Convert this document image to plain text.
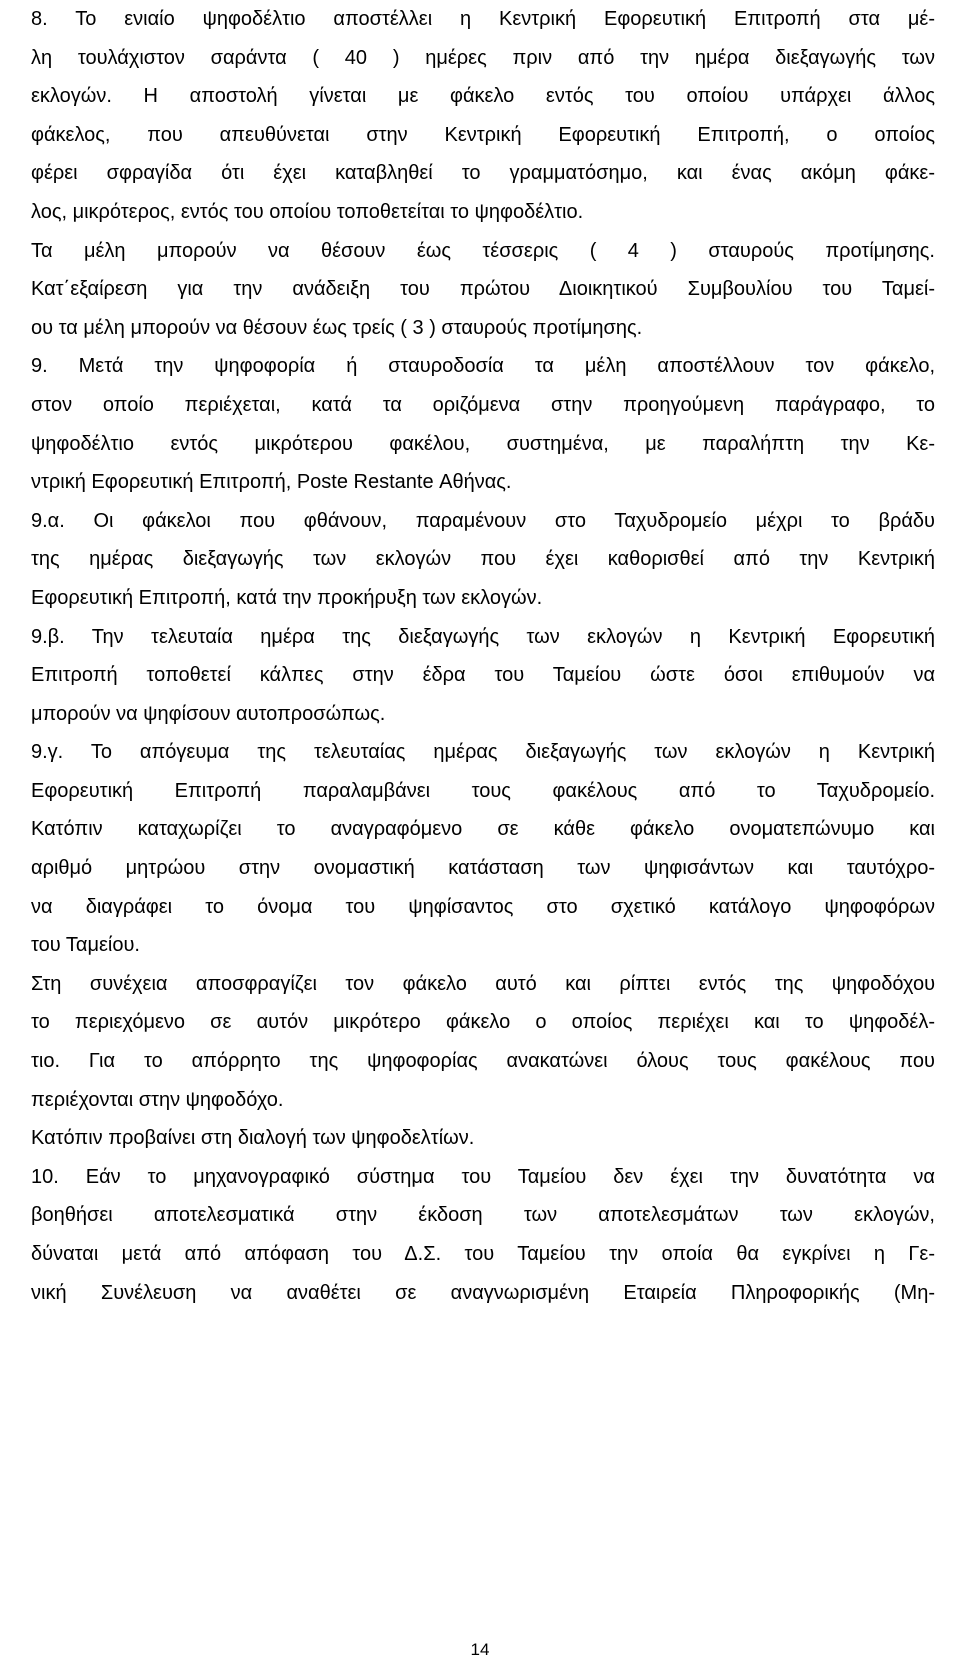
8. Το ενιαίο ψηφοδέλτιο αποστέλλει η Κεντρική Εφορευτική Επιτροπή στα μέ-
λη τουλάχιστον σαράντα ( 40 ) ημέρες πριν από την ημέρα διεξαγωγής των
εκλογών. Η αποστολή γίνεται με φάκελο εντός του οποίου υπάρχει άλλος
φάκελος, που απευθύνεται στην Κεντρική Εφορευτική Επιτροπή, ο οποίος
φέρει σφραγίδα ότι έχει καταβληθεί το γραμματόσημο, και ένας ακόμη φάκε-
λος, μικρότερος, εντός του οποίου τοποθετείται το ψηφοδέλτιο.
Τα μέλη μπορούν να θέσουν έως τέσσερις ( 4 ) σταυρούς προτίμησης.
Κατ΄εξαίρεση για την ανάδειξη του πρώτου Διοικητικού Συμβουλίου του Ταμεί-
ου τα μέλη μπορούν να θέσουν έως τρείς ( 3 ) σταυρούς προτίμησης.
9. Μετά την ψηφοφορία ή σταυροδοσία τα μέλη αποστέλλουν τον φάκελο,
στον οποίο περιέχεται, κατά τα οριζόμενα στην προηγούμενη παράγραφο, το
ψηφοδέλτιο εντός μικρότερου φακέλου, συστημένα, με παραλήπτη την Κε-
ντρική Εφορευτική Επιτροπή, Poste Restante Αθήνας.
9.α. Οι φάκελοι που φθάνουν, παραμένουν στο Ταχυδρομείο μέχρι το βράδυ
της ημέρας διεξαγωγής των εκλογών που έχει καθορισθεί από την Κεντρική
Εφορευτική Επιτροπή, κατά την προκήρυξη των εκλογών.
9.β. Την τελευταία ημέρα της διεξαγωγής των εκλογών η Κεντρική Εφορευτική
Επιτροπή τοποθετεί κάλπες στην έδρα του Ταμείου ώστε όσοι επιθυμούν να
μπορούν να ψηφίσουν αυτοπροσώπως.
9.γ. Το απόγευμα της τελευταίας ημέρας διεξαγωγής των εκλογών η Κεντρική
Εφορευτική Επιτροπή παραλαμβάνει τους φακέλους από το Ταχυδρομείο.
Κατόπιν καταχωρίζει το αναγραφόμενο σε κάθε φάκελο ονοματεπώνυμο και
αριθμό μητρώου στην ονομαστική κατάσταση των ψηφισάντων και ταυτόχρο-
να διαγράφει το όνομα του ψηφίσαντος στο σχετικό κατάλογο ψηφοφόρων
του Ταμείου.
Στη συνέχεια αποσφραγίζει τον φάκελο αυτό και ρίπτει εντός της ψηφοδόχου
το περιεχόμενο σε αυτόν μικρότερο φάκελο ο οποίος περιέχει και το ψηφοδέλ-
τιο. Για το απόρρητο της ψηφοφορίας ανακατώνει όλους τους φακέλους που
περιέχονται στην ψηφοδόχο.
Κατόπιν προβαίνει στη διαλογή των ψηφοδελτίων.
10. Εάν το μηχανογραφικό σύστημα του Ταμείου δεν έχει την δυνατότητα να
βοηθήσει αποτελεσματικά στην έκδοση των αποτελεσμάτων των εκλογών,
δύναται μετά από απόφαση του Δ.Σ. του Ταμείου την οποία θα εγκρίνει η Γε-
νική Συνέλευση να αναθέτει σε αναγνωρισμένη Εταιρεία Πληροφορικής (Μη-
14
